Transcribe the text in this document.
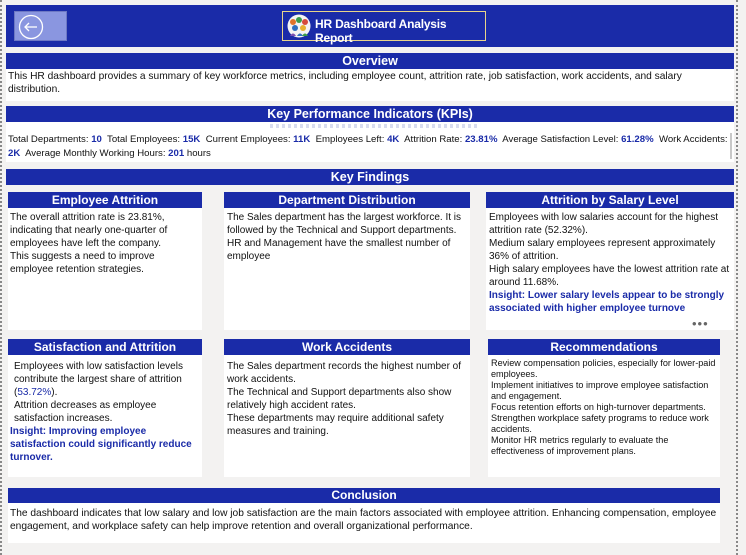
HR Dashboard Analysis Report
Overview
This HR dashboard provides a summary of key workforce metrics, including employee count, attrition rate, job satisfaction, work accidents, and salary distribution.
Key Performance Indicators (KPIs)
Total Departments: 10 Total Employees: 15K Current Employees: 11K Employees Left: 4K Attrition Rate: 23.81% Average Satisfaction Level: 61.28% Work Accidents: 2K Average Monthly Working Hours: 201 hours
Key Findings
Employee Attrition

The overall attrition rate is 23.81%, indicating that nearly one-quarter of employees have left the company.

This suggests a need to improve employee retention strategies.

Department Distribution

The Sales department has the largest workforce. It is followed by the Technical and Support departments.

HR and Management have the smallest number of employee

Attrition by Salary Level

Employees with low salaries account for the highest attrition rate (52.32%).

Medium salary employees represent approximately 36% of attrition.

High salary employees have the lowest attrition rate at around 11.68%.

Insight: Lower salary levels appear to be strongly associated with higher employee turnove

•••
Satisfaction and Attrition

Employees with low satisfaction levels contribute the largest share of attrition (53.72%).

Attrition decreases as employee satisfaction increases.

Insight: Improving employee satisfaction could significantly reduce turnover.

Work Accidents

The Sales department records the highest number of work accidents.

The Technical and Support departments also show relatively high accident rates.

These departments may require additional safety measures and training.

Recommendations

Review compensation policies, especially for lower-paid employees.

Implement initiatives to improve employee satisfaction and engagement.

Focus retention efforts on high-turnover departments.

Strengthen workplace safety programs to reduce work accidents.

Monitor HR metrics regularly to evaluate the effectiveness of improvement plans.

Conclusion
The dashboard indicates that low salary and low job satisfaction are the main factors associated with employee attrition. Enhancing compensation, employee engagement, and workplace safety can help improve retention and overall organizational performance.
